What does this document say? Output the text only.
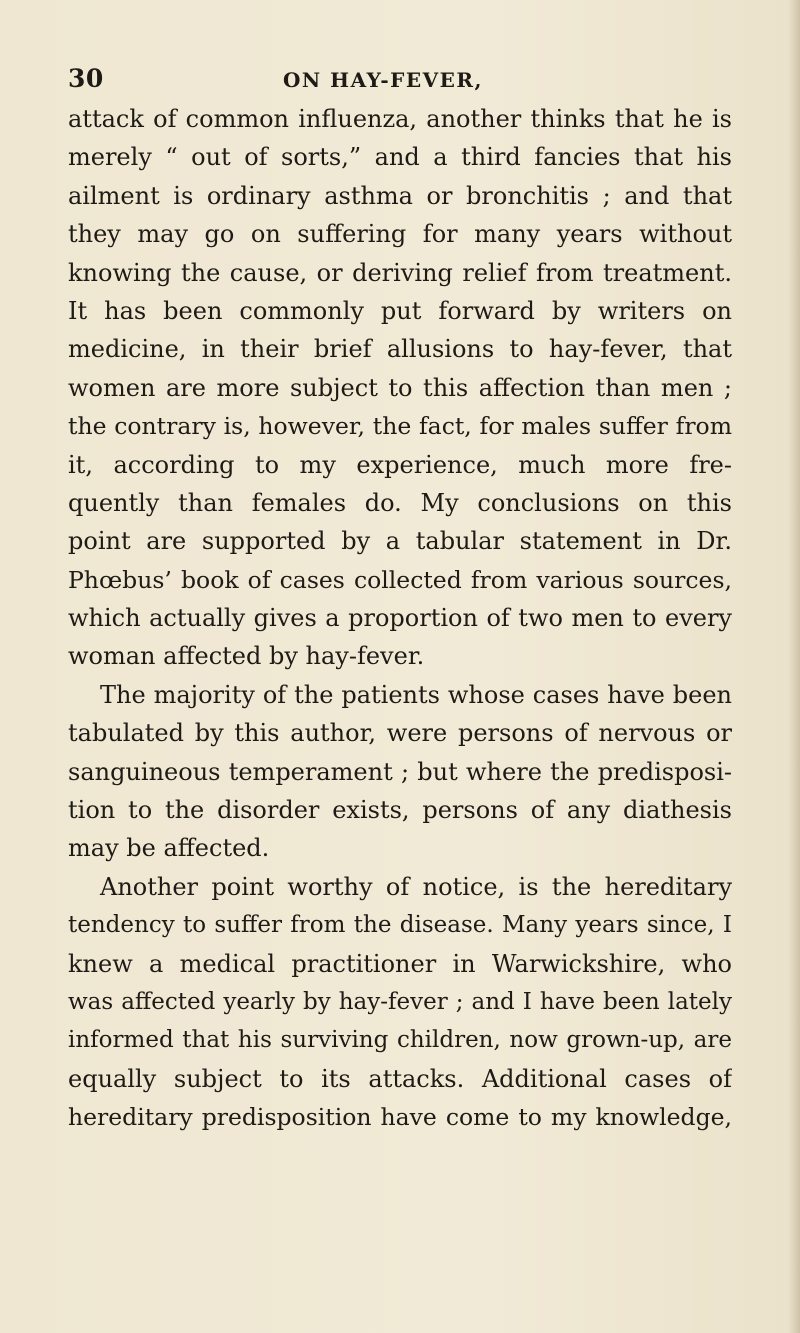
30	ON HAY-FEVER,
attack of common influenza, another thinks that he is
merely “ out of sorts,” and a third fancies that his
ailment is ordinary asthma or bronchitis ; and that
they may go on suffering for many years without
knowing the cause, or deriving relief from treatment.
It has been commonly put forward by writers on
medicine, in their brief allusions to hay-fever, that
women are more subject to this affection than men ;
the contrary is, however, the fact, for males suffer from
it, according to my experience, much more fre-
quently than females do. My conclusions on this
point are supported by a tabular statement in Dr.
Phœbus’ book of cases collected from various sources,
which actually gives a proportion of two men to every
woman affected by hay-fever.
The majority of the patients whose cases have been
tabulated by this author, were persons of nervous or
sanguineous temperament ; but where the predisposi-
tion to the disorder exists, persons of any diathesis
may be affected.
Another point worthy of notice, is the hereditary
tendency to suffer from the disease. Many years since, I
knew a medical practitioner in Warwickshire, who
was affected yearly by hay-fever ; and I have been lately
informed that his surviving children, now grown-up, are
equally subject to its attacks. Additional cases of
hereditary predisposition have come to my knowledge,
